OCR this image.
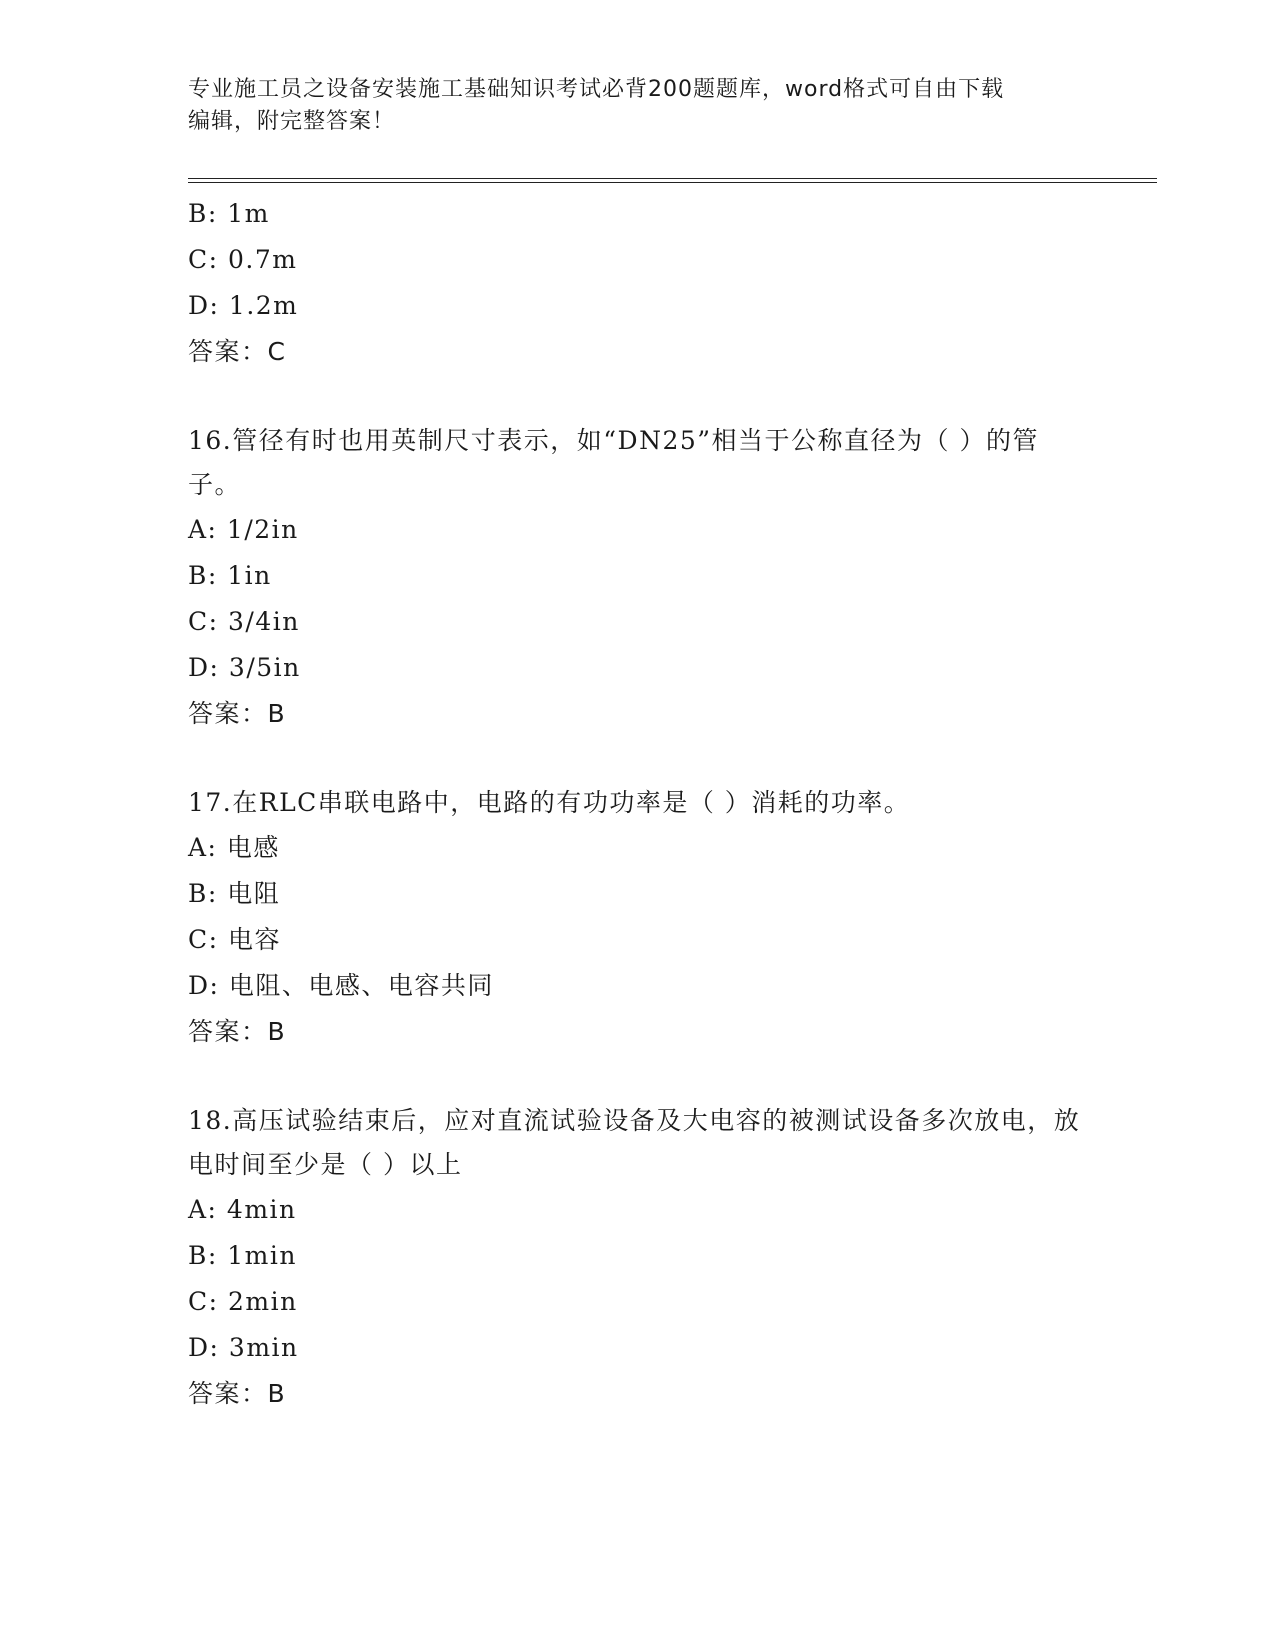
专业施工员之设备安装施工基础知识考试必背200题题库，word格式可自由下载
编辑，附完整答案！
B: 1m
C: 0.7m
D: 1.2m
答案：C
16.管径有时也用英制尺寸表示，如“DN25”相当于公称直径为（ ）的管子。
A: 1/2in
B: 1in
C: 3/4in
D: 3/5in
答案：B
17.在RLC串联电路中，电路的有功功率是（ ）消耗的功率。
A: 电感
B: 电阻
C: 电容
D: 电阻、电感、电容共同
答案：B
18.高压试验结束后，应对直流试验设备及大电容的被测试设备多次放电，放电时间至少是（ ）以上
A: 4min
B: 1min
C: 2min
D: 3min
答案：B
